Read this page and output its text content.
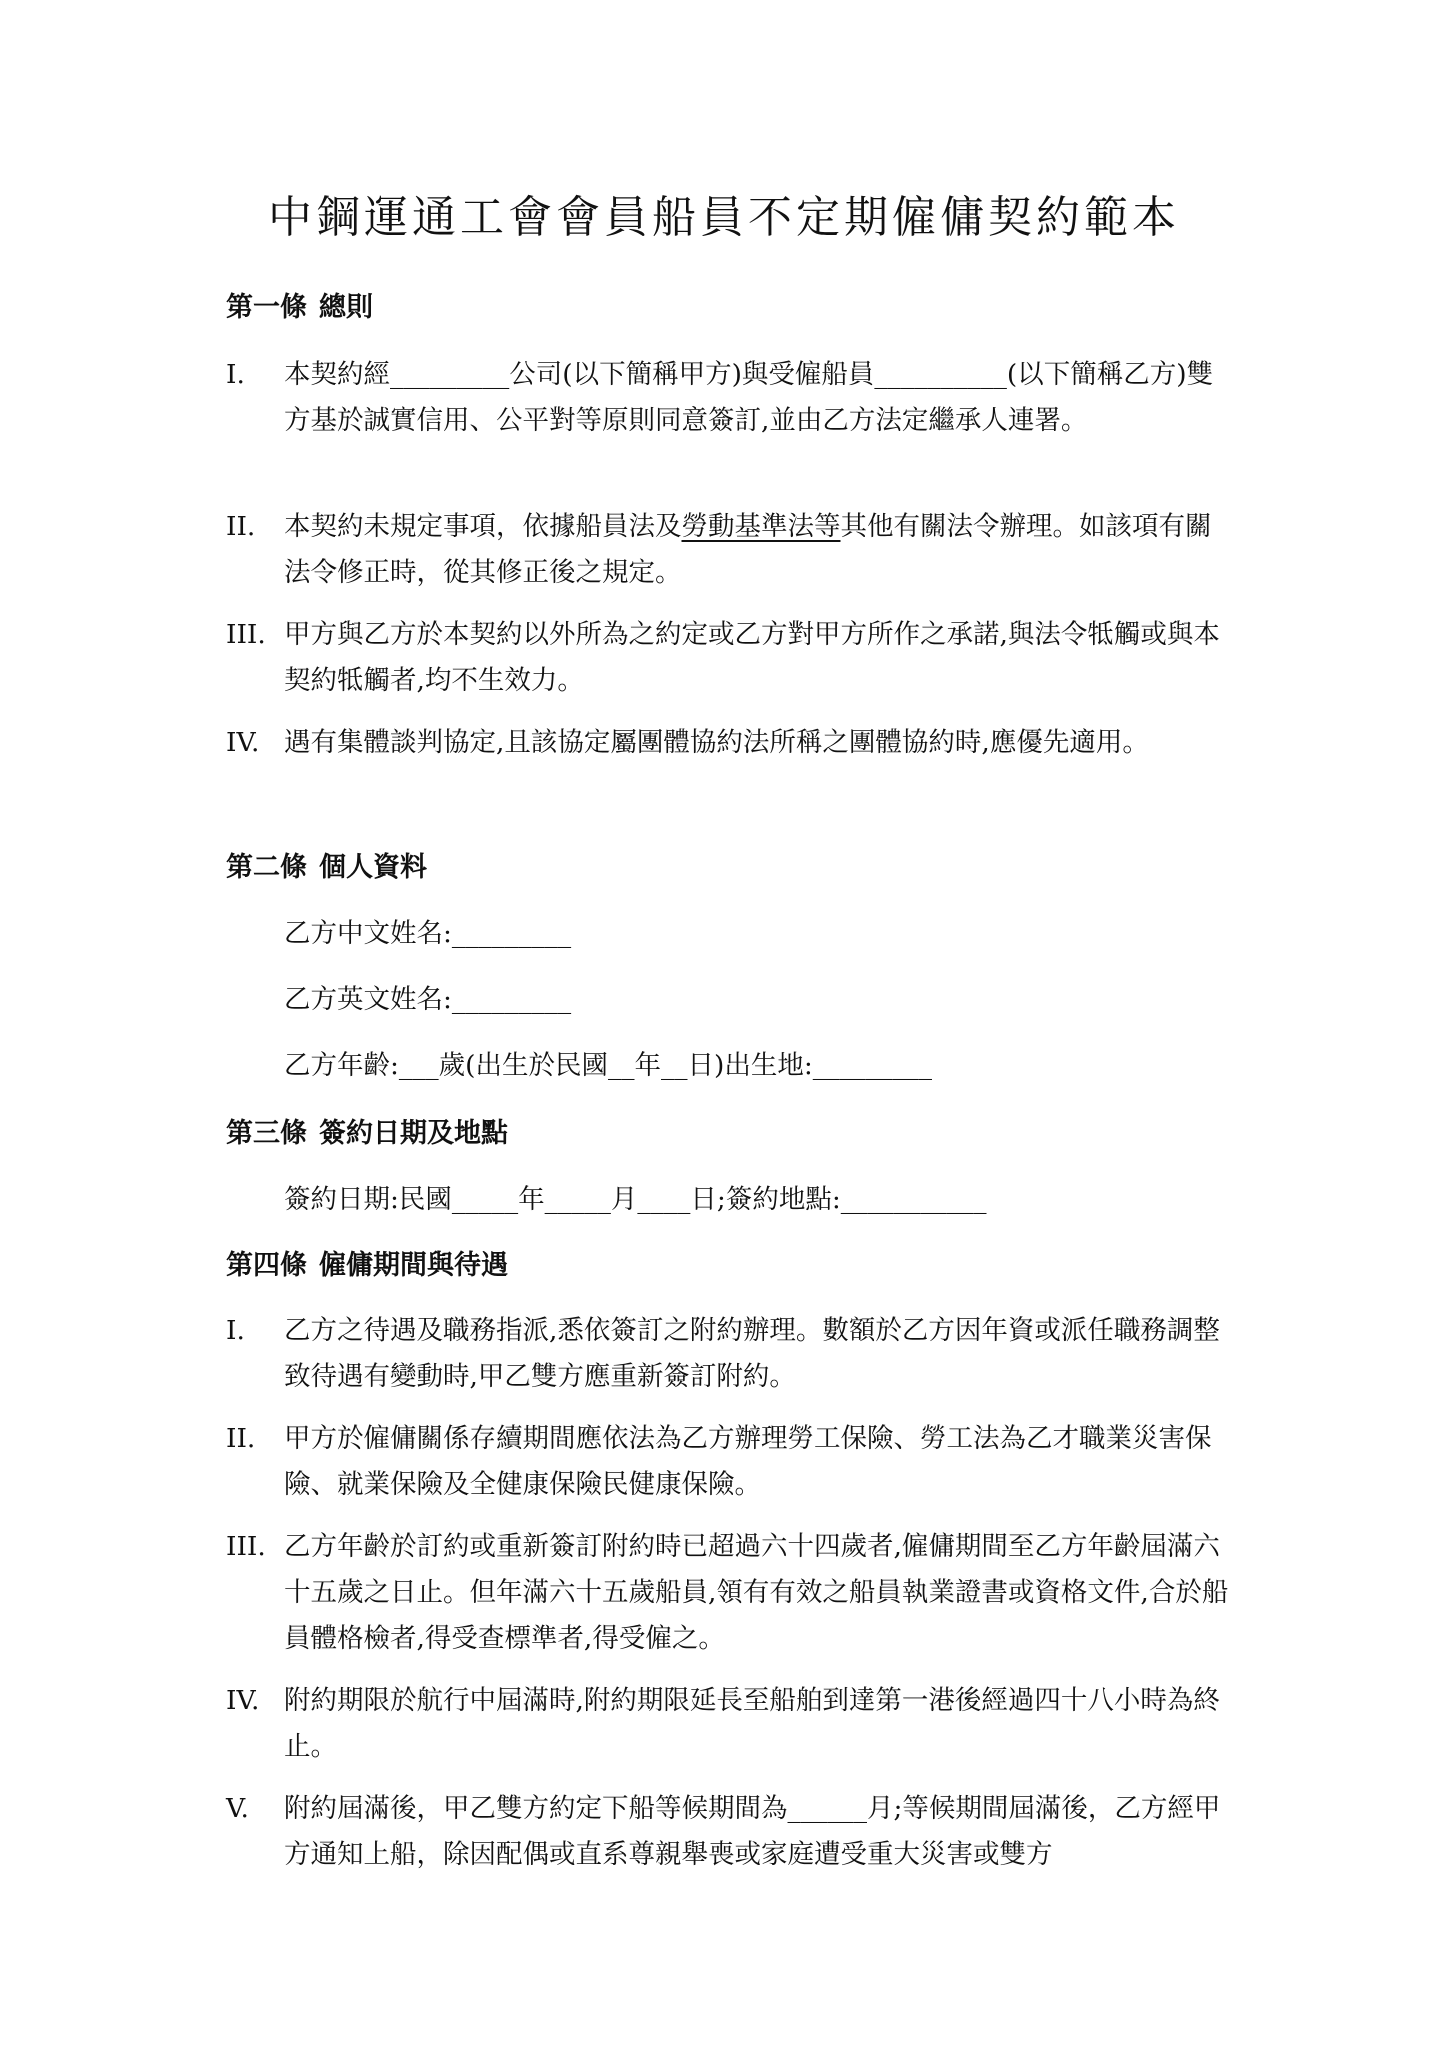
中鋼運通工會會員船員不定期僱傭契約範本
第一條 總則
I.	本契約經_________公司(以下簡稱甲方)與受僱船員__________(以下簡稱乙方)雙方基於誠實信用、公平對等原則同意簽訂,並由乙方法定繼承人連署。
II.	本契約未規定事項，依據船員法及勞動基準法等其他有關法令辦理。如該項有關法令修正時，從其修正後之規定。
III. 甲方與乙方於本契約以外所為之約定或乙方對甲方所作之承諾,與法令牴觸或與本契約牴觸者,均不生效力。
IV. 遇有集體談判協定,且該協定屬團體協約法所稱之團體協約時,應優先適用。
第二條 個人資料
乙方中文姓名:_________
乙方英文姓名:_________
乙方年齡:___歲(出生於民國__年__日)出生地:_________
第三條 簽約日期及地點
簽約日期:民國_____年_____月____日;簽約地點:___________
第四條 僱傭期間與待遇
I.	乙方之待遇及職務指派,悉依簽訂之附約辦理。數額於乙方因年資或派任職務調整致待遇有變動時,甲乙雙方應重新簽訂附約。
II.	甲方於僱傭關係存續期間應依法為乙方辦理勞工保險、勞工法為乙才職業災害保險、就業保險及全健康保險民健康保險。
III. 乙方年齡於訂約或重新簽訂附約時已超過六十四歲者,僱傭期間至乙方年齡屆滿六十五歲之日止。但年滿六十五歲船員,領有有效之船員執業證書或資格文件,合於船員體格檢者,得受查標準者,得受僱之。
IV. 附約期限於航行中屆滿時,附約期限延長至船舶到達第一港後經過四十八小時為終止。
V.	附約屆滿後，甲乙雙方約定下船等候期間為______月;等候期間屆滿後，乙方經甲方通知上船，除因配偶或直系尊親舉喪或家庭遭受重大災害或雙方
